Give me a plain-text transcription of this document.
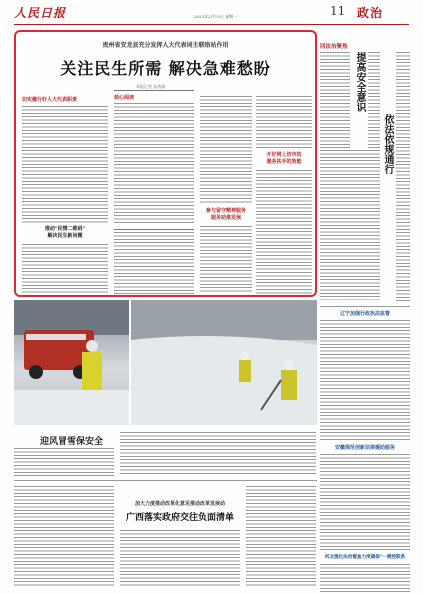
人民日报	2023年2月13日 星期一	11 政治
贵州省安龙县充分发挥人大代表词主联络站作用
关注民生所需 解决急难愁盼
本报记者 苗秀娟
切实履行好人大代表职责
推动"民情二维码"
解决民生新问题
核心阅读
参与留守精神服务
服务助推发展
开好网上坊市的
服务扶手的效能
回法治聚焦
提高安全意识
依法依规通行
辽宁加强行政执法监督
安徽规范创新法律援助服务
河北强化法治督查力度确保"一测控联系
迎风冒雪保安全
加大力度推动改革化意见推动改革发展动
广西落实政府交往负面清单
